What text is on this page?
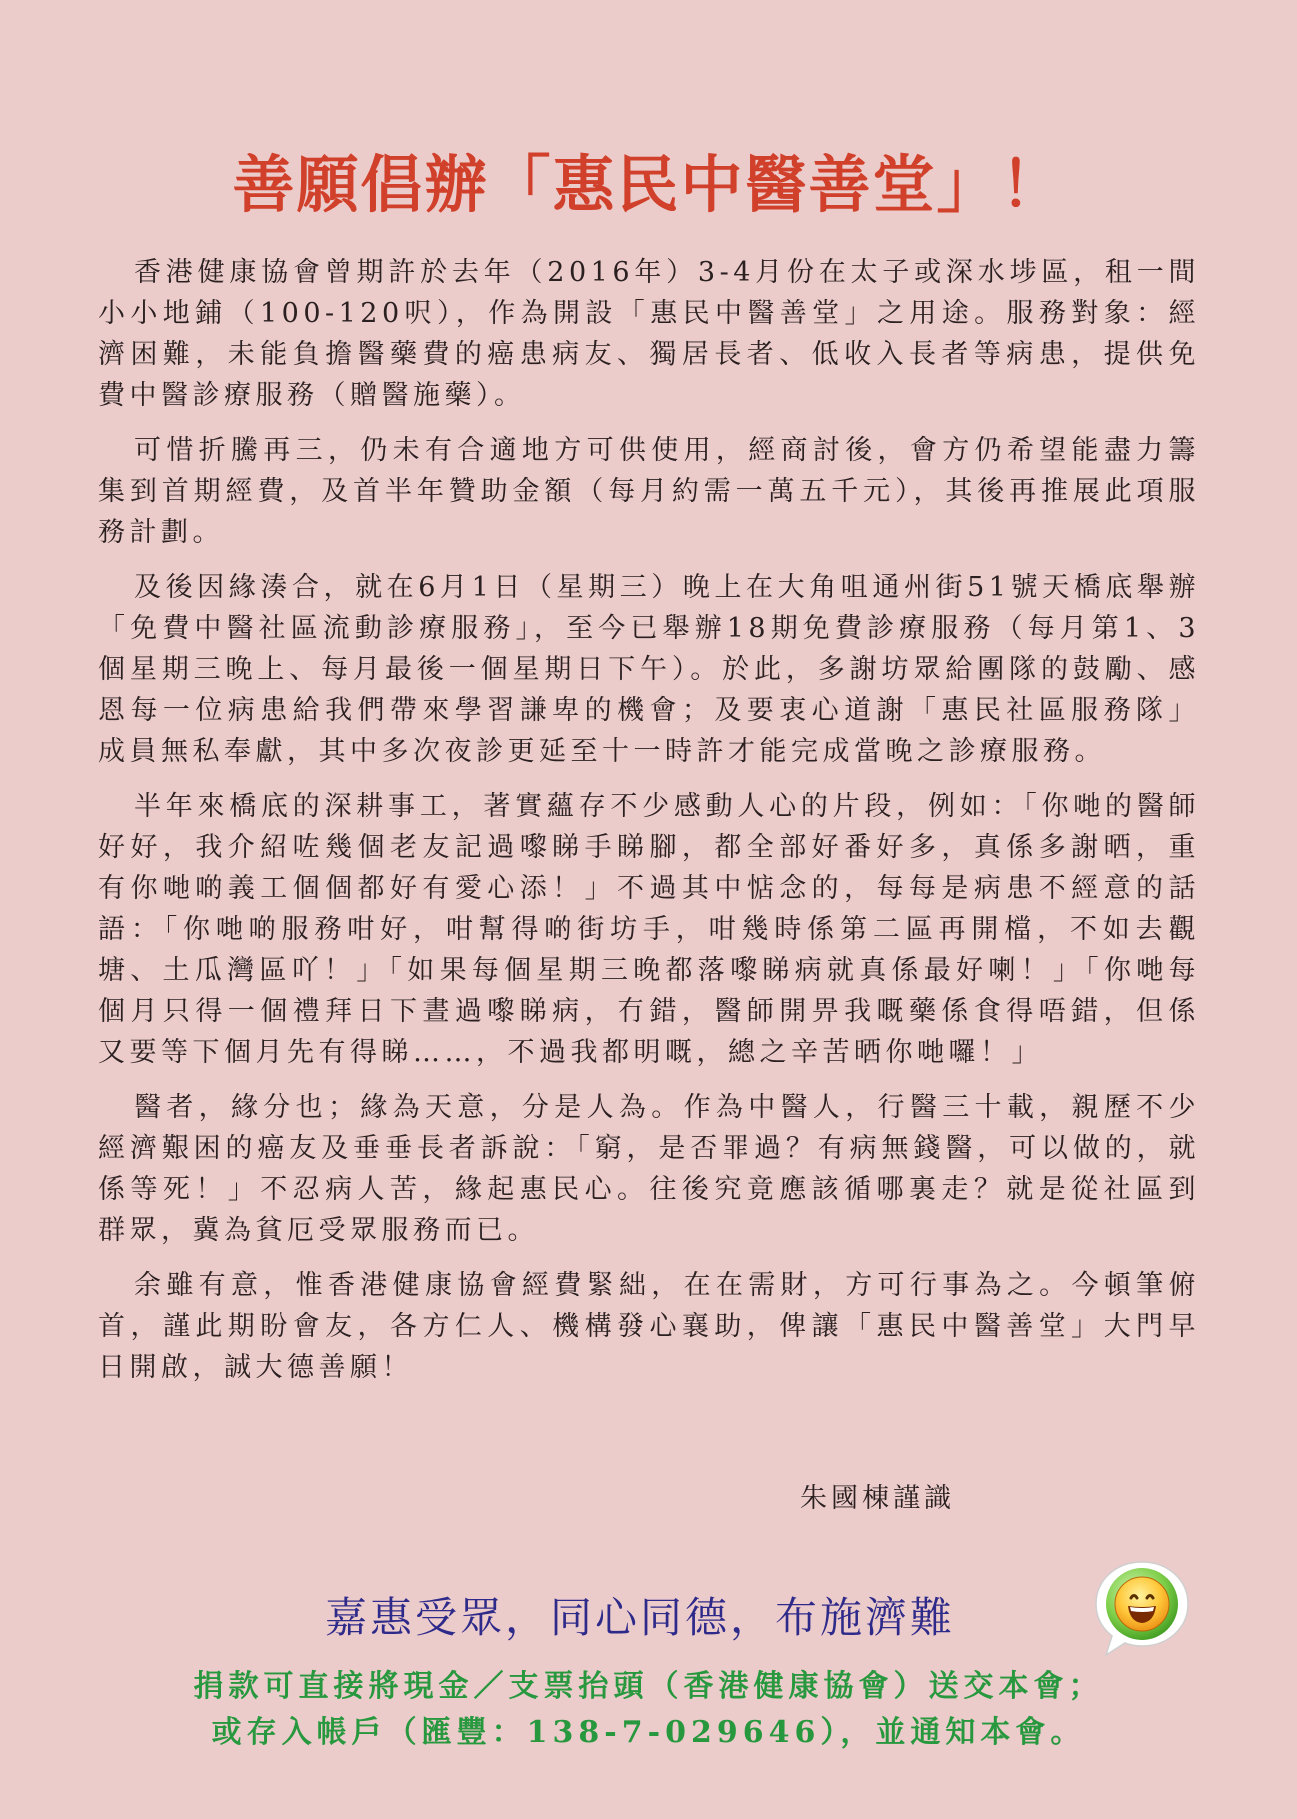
善願倡辦「惠民中醫善堂」！

香港健康協會曾期許於去年（2016年）3-4月份在太子或深水埗區，租一間小小地鋪（100-120呎），作為開設「惠民中醫善堂」之用途。服務對象：經濟困難，未能負擔醫藥費的癌患病友、獨居長者、低收入長者等病患，提供免費中醫診療服務（贈醫施藥）。

可惜折騰再三，仍未有合適地方可供使用，經商討後，會方仍希望能盡力籌集到首期經費，及首半年贊助金額（每月約需一萬五千元），其後再推展此項服務計劃。

及後因緣湊合，就在6月1日（星期三）晚上在大角咀通州街51號天橋底舉辦「免費中醫社區流動診療服務」，至今已舉辦18期免費診療服務（每月第1、3個星期三晚上、每月最後一個星期日下午）。於此，多謝坊眾給團隊的鼓勵、感恩每一位病患給我們帶來學習謙卑的機會；及要衷心道謝「惠民社區服務隊」成員無私奉獻，其中多次夜診更延至十一時許才能完成當晚之診療服務。

半年來橋底的深耕事工，著實蘊存不少感動人心的片段，例如：「你哋的醫師好好，我介紹咗幾個老友記過嚟睇手睇腳，都全部好番好多，真係多謝晒，重有你哋啲義工個個都好有愛心添！」不過其中惦念的，每每是病患不經意的話語：「你哋啲服務咁好，咁幫得啲街坊手，咁幾時係第二區再開檔，不如去觀塘、土瓜灣區吖！」「如果每個星期三晚都落嚟睇病就真係最好喇！」「你哋每個月只得一個禮拜日下晝過嚟睇病，冇錯，醫師開畀我嘅藥係食得唔錯，但係又要等下個月先有得睇……，不過我都明嘅，總之辛苦晒你哋囉！」

醫者，緣分也；緣為天意，分是人為。作為中醫人，行醫三十載，親歷不少經濟艱困的癌友及垂垂長者訴說：「窮，是否罪過？有病無錢醫，可以做的，就係等死！」不忍病人苦，緣起惠民心。往後究竟應該循哪裏走？就是從社區到群眾，冀為貧厄受眾服務而已。

余雖有意，惟香港健康協會經費緊絀，在在需財，方可行事為之。今頓筆俯首，謹此期盼會友，各方仁人、機構發心襄助，俾讓「惠民中醫善堂」大門早日開啟，誠大德善願！

朱國棟謹識
嘉惠受眾，同心同德，布施濟難
捐款可直接將現金／支票抬頭（香港健康協會）送交本會；
或存入帳戶（匯豐：138-7-029646），並通知本會。
